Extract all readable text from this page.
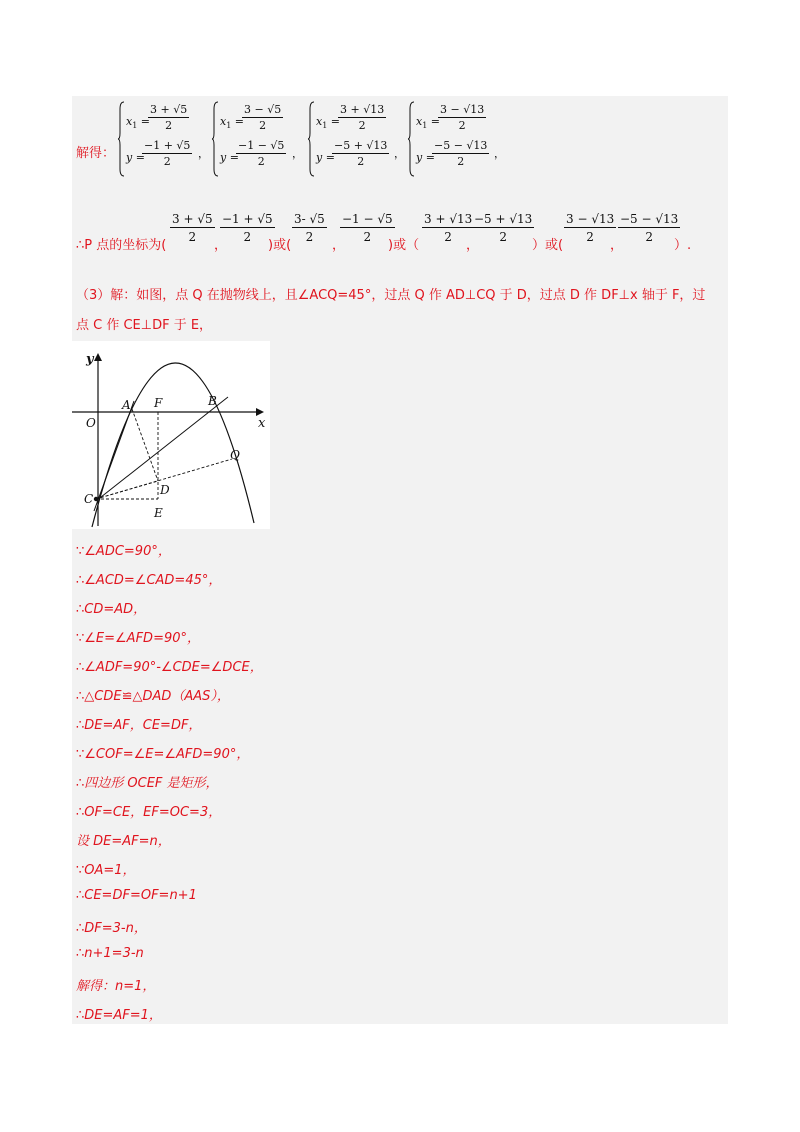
解得：
$x_1$ =
$\frac{3 + √5}{2}$
y =
$\frac{-1 + √5}{2}$ ，
$x_1$ =
$\frac{3 - √5}{2}$
y =
$\frac{-1 - √5}{2}$ ，
$x_1$ =
$\frac{3 + √13}{2}$
y =
$\frac{-5 + √13}{2}$ ，
$x_1$ =
$\frac{3 - √13}{2}$
y =
$\frac{-5 - √13}{2}$ ，
∴P 点的坐标为(
3 + √5
2
，
−1 + √5
2
)或(
3- √5
2
，
−1 − √5
2
)或（
3 + √13
2
，
−5 + √13
2
）或(
3 − √13
2
，
−5 − √13
2
）.
（3）解：如图，点 Q 在抛物线上，且∠ACQ=45°，过点 Q 作 AD⊥CQ 于 D，过点 D 作 DF⊥x 轴于 F，过
点 C 作 CE⊥DF 于 E，
y
x
O
A F	B
Q
C
D
E
∵∠ADC=90°，
∴∠ACD=∠CAD=45°，
∴CD=AD，
∵∠E=∠AFD=90°，
∴∠ADF=90°-∠CDE=∠DCE，
∴△CDE≌△DAD（AAS），
∴DE=AF，CE=DF，
∵∠COF=∠E=∠AFD=90°，
∴四边形 OCEF 是矩形，
∴OF=CE，EF=OC=3，
设 DE=AF=n，
∵OA=1，
∴CE=DF=OF=n+1
∴DF=3-n，
∴n+1=3-n
解得：n=1，
∴DE=AF=1，
